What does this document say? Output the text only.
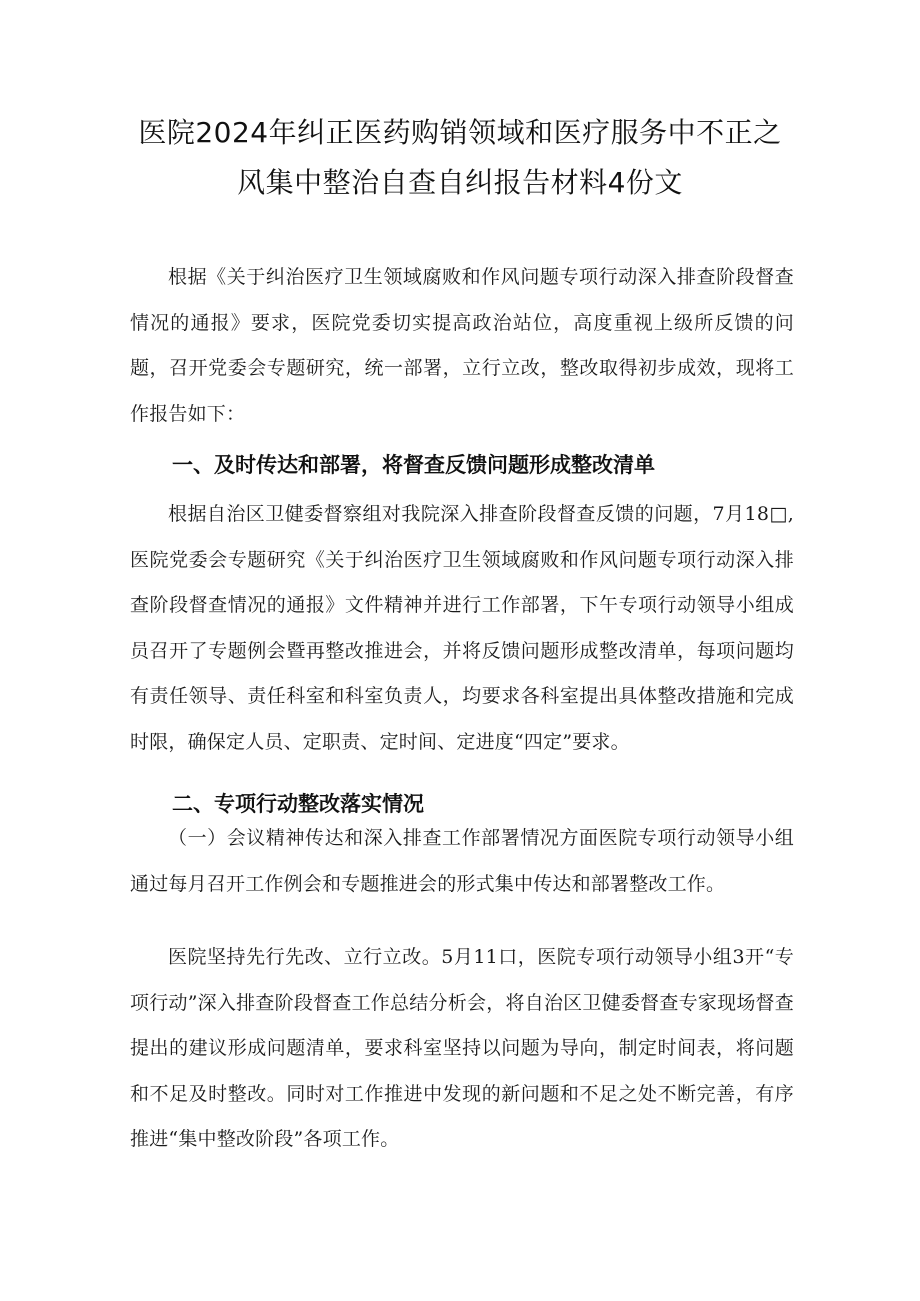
医院2024年纠正医药购销领域和医疗服务中不正之
风集中整治自查自纠报告材料4份文

根据《关于纠治医疗卫生领域腐败和作风问题专项行动深入排查阶段督查情况的通报》要求，医院党委切实提高政治站位，高度重视上级所反馈的问题，召开党委会专题研究，统一部署，立行立改，整改取得初步成效，现将工作报告如下：

一、及时传达和部署，将督查反馈问题形成整改清单

根据自治区卫健委督察组对我院深入排查阶段督查反馈的问题，7月18□,医院党委会专题研究《关于纠治医疗卫生领域腐败和作风问题专项行动深入排查阶段督查情况的通报》文件精神并进行工作部署，下午专项行动领导小组成员召开了专题例会暨再整改推进会，并将反馈问题形成整改清单，每项问题均有责任领导、责任科室和科室负责人，均要求各科室提出具体整改措施和完成时限，确保定人员、定职责、定时间、定进度“四定”要求。

二、专项行动整改落实情况

（一）会议精神传达和深入排查工作部署情况方面医院专项行动领导小组通过每月召开工作例会和专题推进会的形式集中传达和部署整改工作。

医院坚持先行先改、立行立改。5月11口，医院专项行动领导小组3开“专项行动”深入排查阶段督查工作总结分析会，将自治区卫健委督查专家现场督查提出的建议形成问题清单，要求科室坚持以问题为导向，制定时间表，将问题和不足及时整改。同时对工作推进中发现的新问题和不足之处不断完善，有序推进“集中整改阶段”各项工作。
